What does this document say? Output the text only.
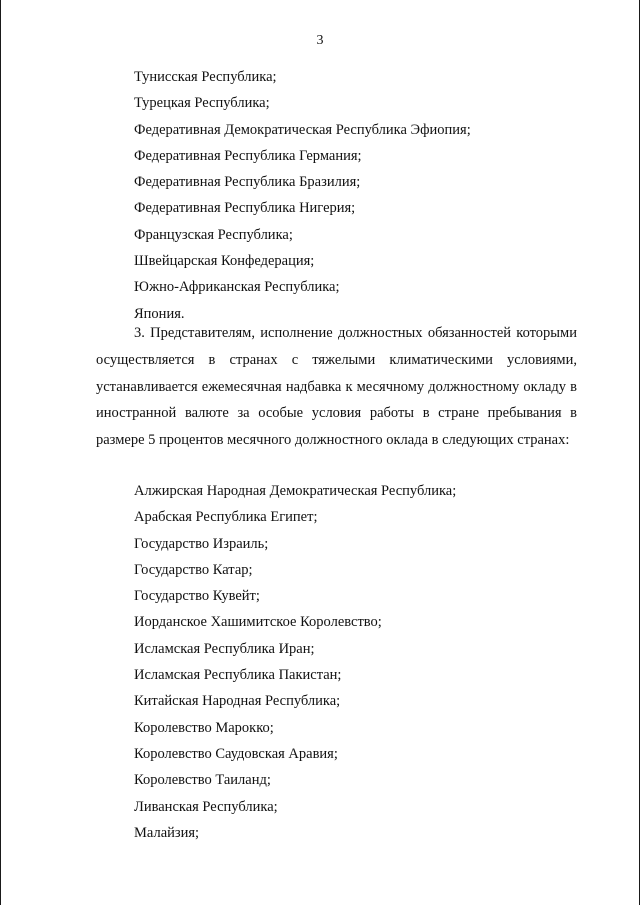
3
Тунисская Республика;
Турецкая Республика;
Федеративная Демократическая Республика Эфиопия;
Федеративная Республика Германия;
Федеративная Республика Бразилия;
Федеративная Республика Нигерия;
Французская Республика;
Швейцарская Конфедерация;
Южно-Африканская Республика;
Япония.

3. Представителям, исполнение должностных обязанностей которыми осуществляется в странах с тяжелыми климатическими условиями, устанавливается ежемесячная надбавка к месячному должностному окладу в иностранной валюте за особые условия работы в стране пребывания в размере 5 процентов месячного должностного оклада в следующих странах:

Алжирская Народная Демократическая Республика;
Арабская Республика Египет;
Государство Израиль;
Государство Катар;
Государство Кувейт;
Иорданское Хашимитское Королевство;
Исламская Республика Иран;
Исламская Республика Пакистан;
Китайская Народная Республика;
Королевство Марокко;
Королевство Саудовская Аравия;
Королевство Таиланд;
Ливанская Республика;
Малайзия;
